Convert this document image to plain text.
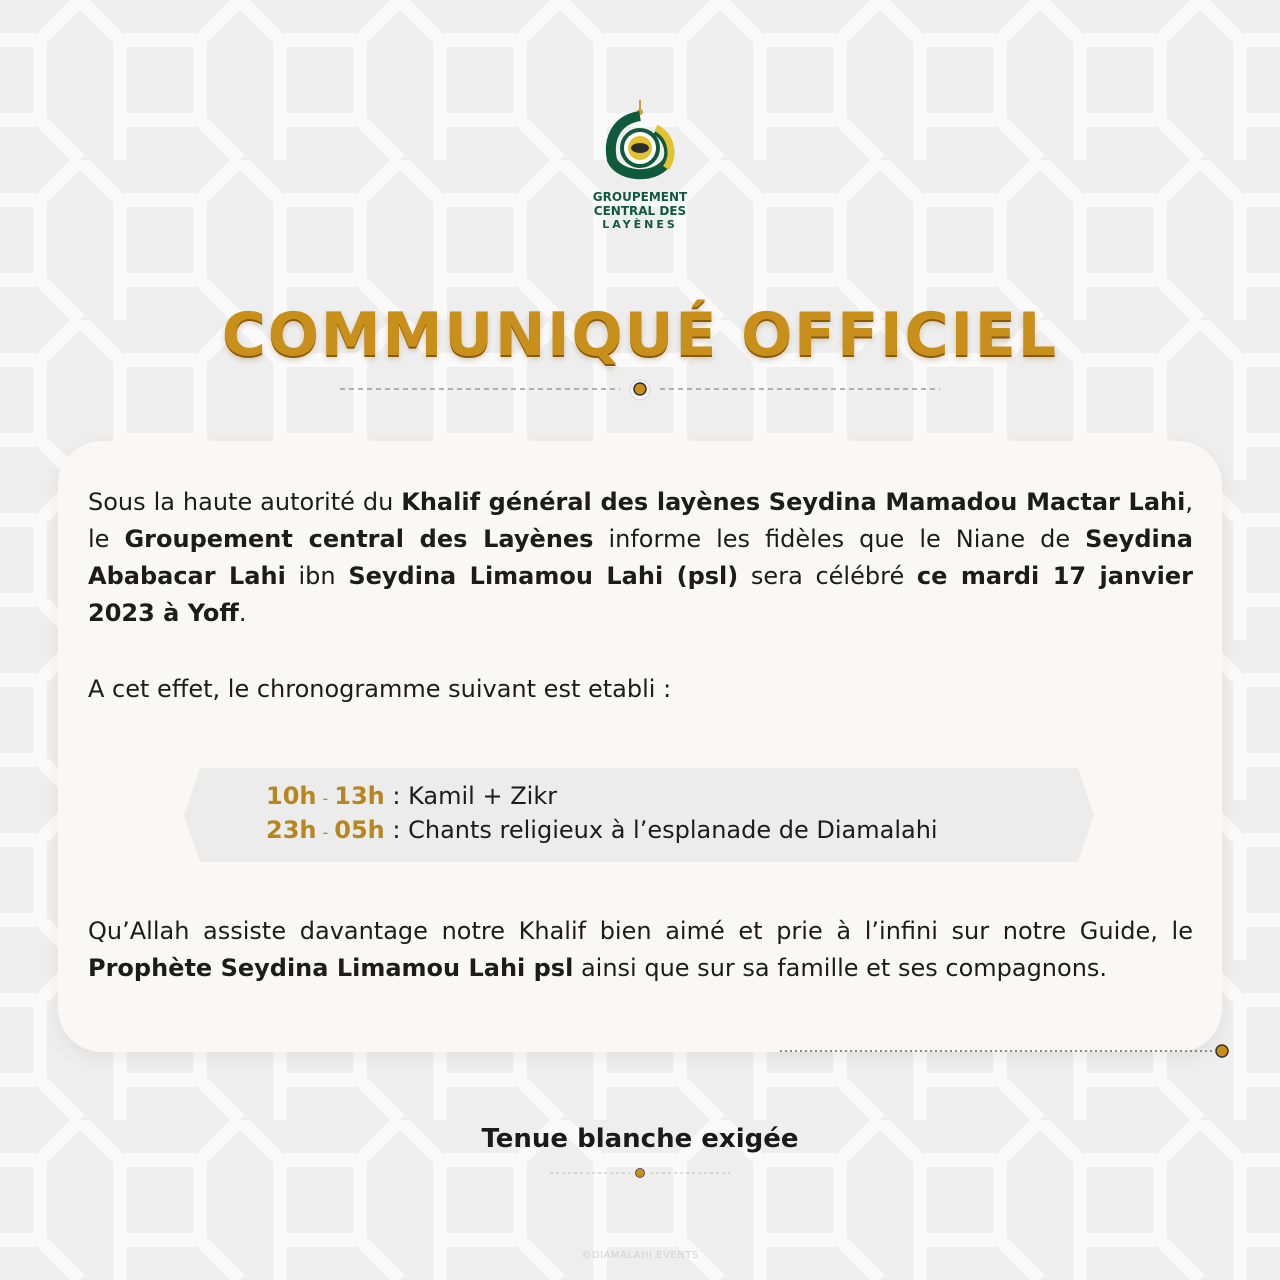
GROUPEMENT
CENTRAL DES
LAYÈNES
COMMUNIQUÉ OFFICIEL
Sous la haute autorité du Khalif général des layènes Seydina Mamadou Mactar Lahi, le Groupement central des Layènes informe les fidèles que le Niane de Seydina Ababacar Lahi ibn Seydina Limamou Lahi (psl) sera célébré ce mardi 17 janvier 2023 à Yoff.
A cet effet, le chronogramme suivant est etabli :
10h - 13h : Kamil + Zikr
23h - 05h : Chants religieux à l’esplanade de Diamalahi
Qu’Allah assiste davantage notre Khalif bien aimé et prie à l’infini sur notre Guide, le Prophète Seydina Limamou Lahi psl ainsi que sur sa famille et ses compagnons.
Tenue blanche exigée
©DIAMALAHI EVENTS
